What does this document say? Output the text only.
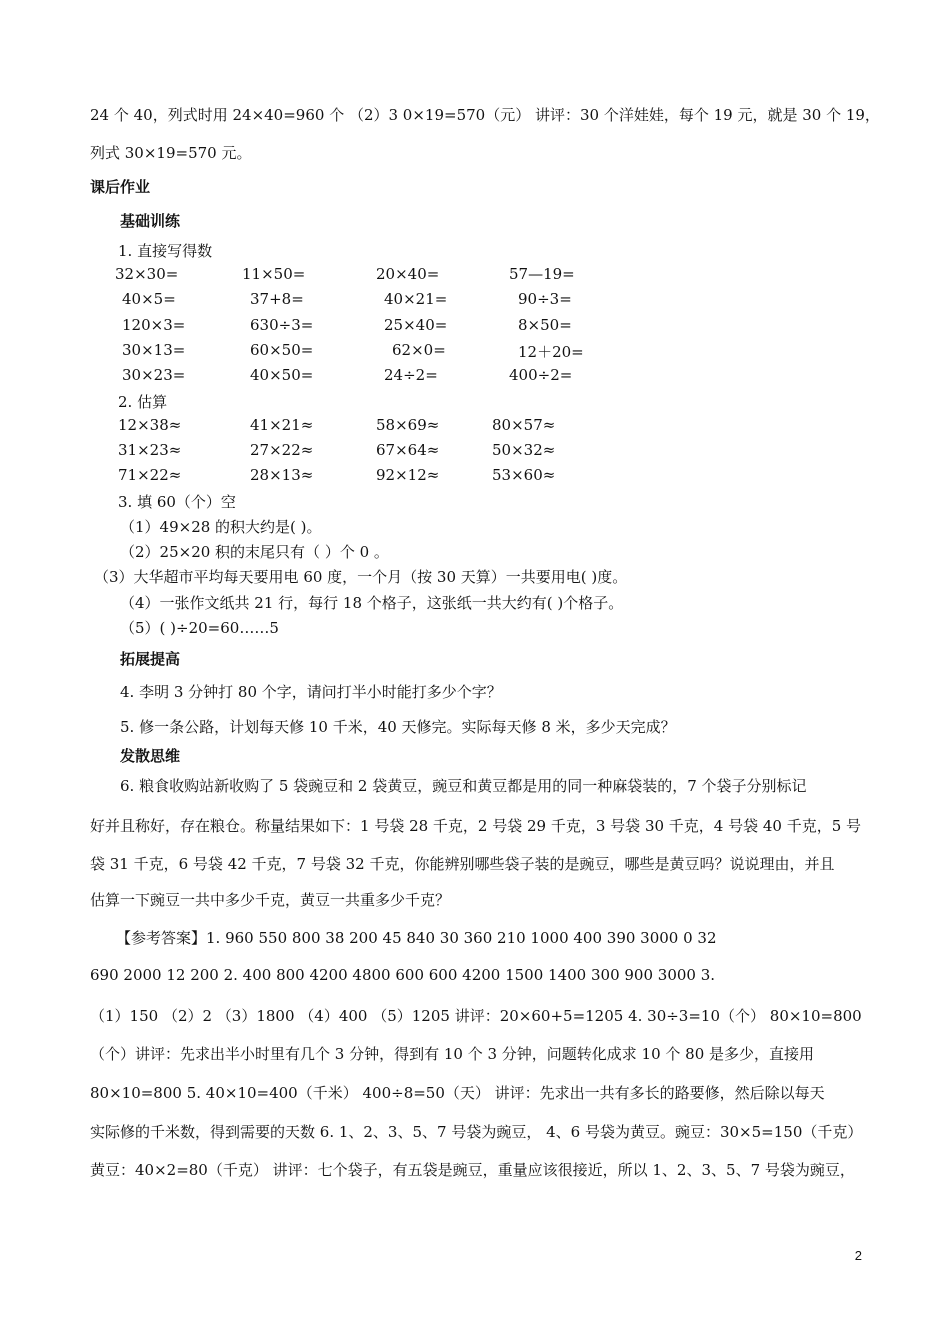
24 个 40，列式时用 24×40=960 个 （2）3 0×19=570（元） 讲评：30 个洋娃娃，每个 19 元，就是 30 个 19，
列式 30×19=570 元。
课后作业
基础训练
1. 直接写得数
32×30=	11×50=	20×40=	57—19=
40×5=	37+8=	40×21=	90÷3=
120×3=	630÷3=	25×40=	8×50=
30×13=	60×50=	62×0=	12＋20=
30×23=	40×50=	24÷2=	400÷2=
2. 估算
12×38≈	41×21≈	58×69≈	80×57≈
31×23≈	27×22≈	67×64≈	50×32≈
71×22≈	28×13≈	92×12≈	53×60≈
3. 填 60（个）空
（1）49×28 的积大约是( )。
（2）25×20 积的末尾只有（ ）个 0 。
（3）大华超市平均每天要用电 60 度，一个月（按 30 天算）一共要用电( )度。
（4）一张作文纸共 21 行，每行 18 个格子，这张纸一共大约有( )个格子。
（5）( )÷20=60……5
拓展提高
4. 李明 3 分钟打 80 个字，请问打半小时能打多少个字？
5. 修一条公路，计划每天修 10 千米，40 天修完。实际每天修 8 米，多少天完成？
发散思维
6. 粮食收购站新收购了 5 袋豌豆和 2 袋黄豆，豌豆和黄豆都是用的同一种麻袋装的，7 个袋子分别标记
好并且称好，存在粮仓。称量结果如下：1 号袋 28 千克，2 号袋 29 千克，3 号袋 30 千克，4 号袋 40 千克，5 号
袋 31 千克，6 号袋 42 千克，7 号袋 32 千克，你能辨别哪些袋子装的是豌豆，哪些是黄豆吗？说说理由，并且
估算一下豌豆一共中多少千克，黄豆一共重多少千克？
【参考答案】1. 960 550 800 38 200 45 840 30 360 210 1000 400 390 3000 0 32
690 2000 12 200 2. 400 800 4200 4800 600 600 4200 1500 1400 300 900 3000 3.
（1）150 （2）2 （3）1800 （4）400 （5）1205 讲评：20×60+5=1205 4. 30÷3=10（个） 80×10=800
（个）讲评：先求出半小时里有几个 3 分钟，得到有 10 个 3 分钟，问题转化成求 10 个 80 是多少，直接用
80×10=800 5. 40×10=400（千米） 400÷8=50（天） 讲评：先求出一共有多长的路要修，然后除以每天
实际修的千米数，得到需要的天数 6. 1、2、3、5、7 号袋为豌豆， 4、6 号袋为黄豆。豌豆：30×5=150（千克）
黄豆：40×2=80（千克） 讲评：七个袋子，有五袋是豌豆，重量应该很接近，所以 1、2、3、5、7 号袋为豌豆，
2
